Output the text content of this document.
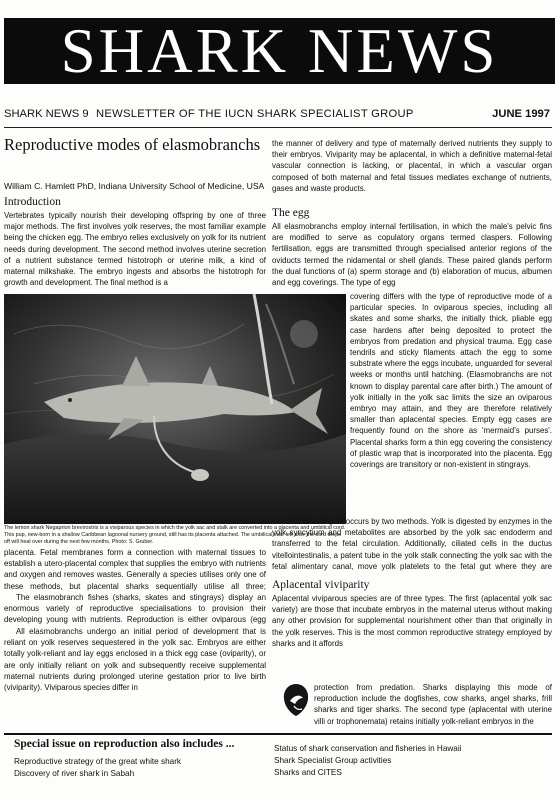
SHARK NEWS
SHARK NEWS 9 NEWSLETTER OF THE IUCN SHARK SPECIALIST GROUP	JUNE 1997
Reproductive modes of elasmobranchs
William C. Hamlett PhD, Indiana University School of Medicine, USA
Introduction

Vertebrates typically nourish their developing offspring by one of three major methods. The first involves yolk reserves, the most familiar example being the chicken egg. The embryo relies exclusively on yolk for its nutrient needs during development. The second method involves uterine secretion of a nutrient substance termed histotroph or uterine milk, a kind of maternal milkshake. The embryo ingests and absorbs the histotroph for growth and development. The final method is a

The lemon shark Negaprion brevirostris is a viviparous species in which the yolk sac and stalk are converted into a placenta and umbilical cord. This pup, new-born in a shallow Caribbean lagoonal nursery ground, still has its placenta attached. The umbilical scar left after the cord drops off will heal over during the next few months. Photo: S. Gruber.

placenta. Fetal membranes form a connection with maternal tissues to establish a utero-placental complex that supplies the embryo with nutrients and oxygen and removes wastes. Generally a species utilises only one of these methods, but placental sharks sequentially utilise all three;

The elasmobranch fishes (sharks, skates and stingrays) display an enormous variety of reproductive specialisations to provision their developing young with nutrients. Reproduction is either oviparous (egg

All elasmobranchs undergo an initial period of development that is reliant on yolk reserves sequestered in the yolk sac. Embryos are either totally yolk-reliant and lay eggs enclosed in a thick egg case (oviparity), or are only initially reliant on yolk and subsequently receive supplemental maternal nutrients during prolonged uterine gestation prior to live birth (viviparity). Viviparous species differ in

the manner of delivery and type of maternally derived nutrients they supply to their embryos. Viviparity may be aplacental, in which a definitive maternal-fetal vascular connection is lacking, or placental, in which a vascular organ composed of both maternal and fetal tissues mediates exchange of nutrients, gases and waste products.

The egg

All elasmobranchs employ internal fertilisation, in which the male's pelvic fins are modified to serve as copulatory organs termed claspers. Following fertilisation, eggs are transmitted through specialised anterior regions of the oviducts termed the nidamental or shell glands. These paired glands perform the dual functions of (a) sperm storage and (b) elaboration of mucus, albumen and egg coverings. The type of egg

covering differs with the type of reproductive mode of a particular species. In oviparous species, including all skates and some sharks, the initially thick, pliable egg case hardens after being deposited to protect the embryos from predation and physical trauma. Egg case tendrils and sticky filaments attach the egg to some substrate where the eggs incubate, unguarded for several weeks or months until hatching. (Elasmobranchs are not known to display parental care after birth.) The amount of yolk initially in the yolk sac limits the size an oviparous embryo may attain, and they are therefore relatively smaller than aplacental species. Empty egg cases are frequently found on the shore as 'mermaid's purses'. Placental sharks form a thin egg covering the consistency of plastic wrap that is incorporated into the placenta. Egg coverings are transitory or non-existent in stingrays.

Utilisation of yolk occurs by two methods. Yolk is digested by enzymes in the yolk syncytium and metabolites are absorbed by the yolk sac endoderm and transferred to the fetal circulation. Additionally, ciliated cells in the ductus vitellointestinalis, a patent tube in the yolk stalk connecting the yolk sac with the fetal alimentary canal, move yolk platelets to the fetal gut where they are

Aplacental viviparity

Aplacental viviparous species are of three types. The first (aplacental yolk sac variety) are those that incubate embryos in the maternal uterus without making any other provision for supplemental nourishment other than that originally in the yolk reserves. This is the most common reproductive strategy employed by sharks and it affords

protection from predation. Sharks displaying this mode of reproduction include the dogfishes, cow sharks, angel sharks, frill sharks and tiger sharks. The second type (aplacental with uterine villi or trophonemata) retains initially yolk-reliant embryos in the

Special issue on reproduction also includes ...
Reproductive strategy of the great white shark
Discovery of river shark in Sabah
Status of shark conservation and fisheries in Hawaii
Shark Specialist Group activities
Sharks and CITES
